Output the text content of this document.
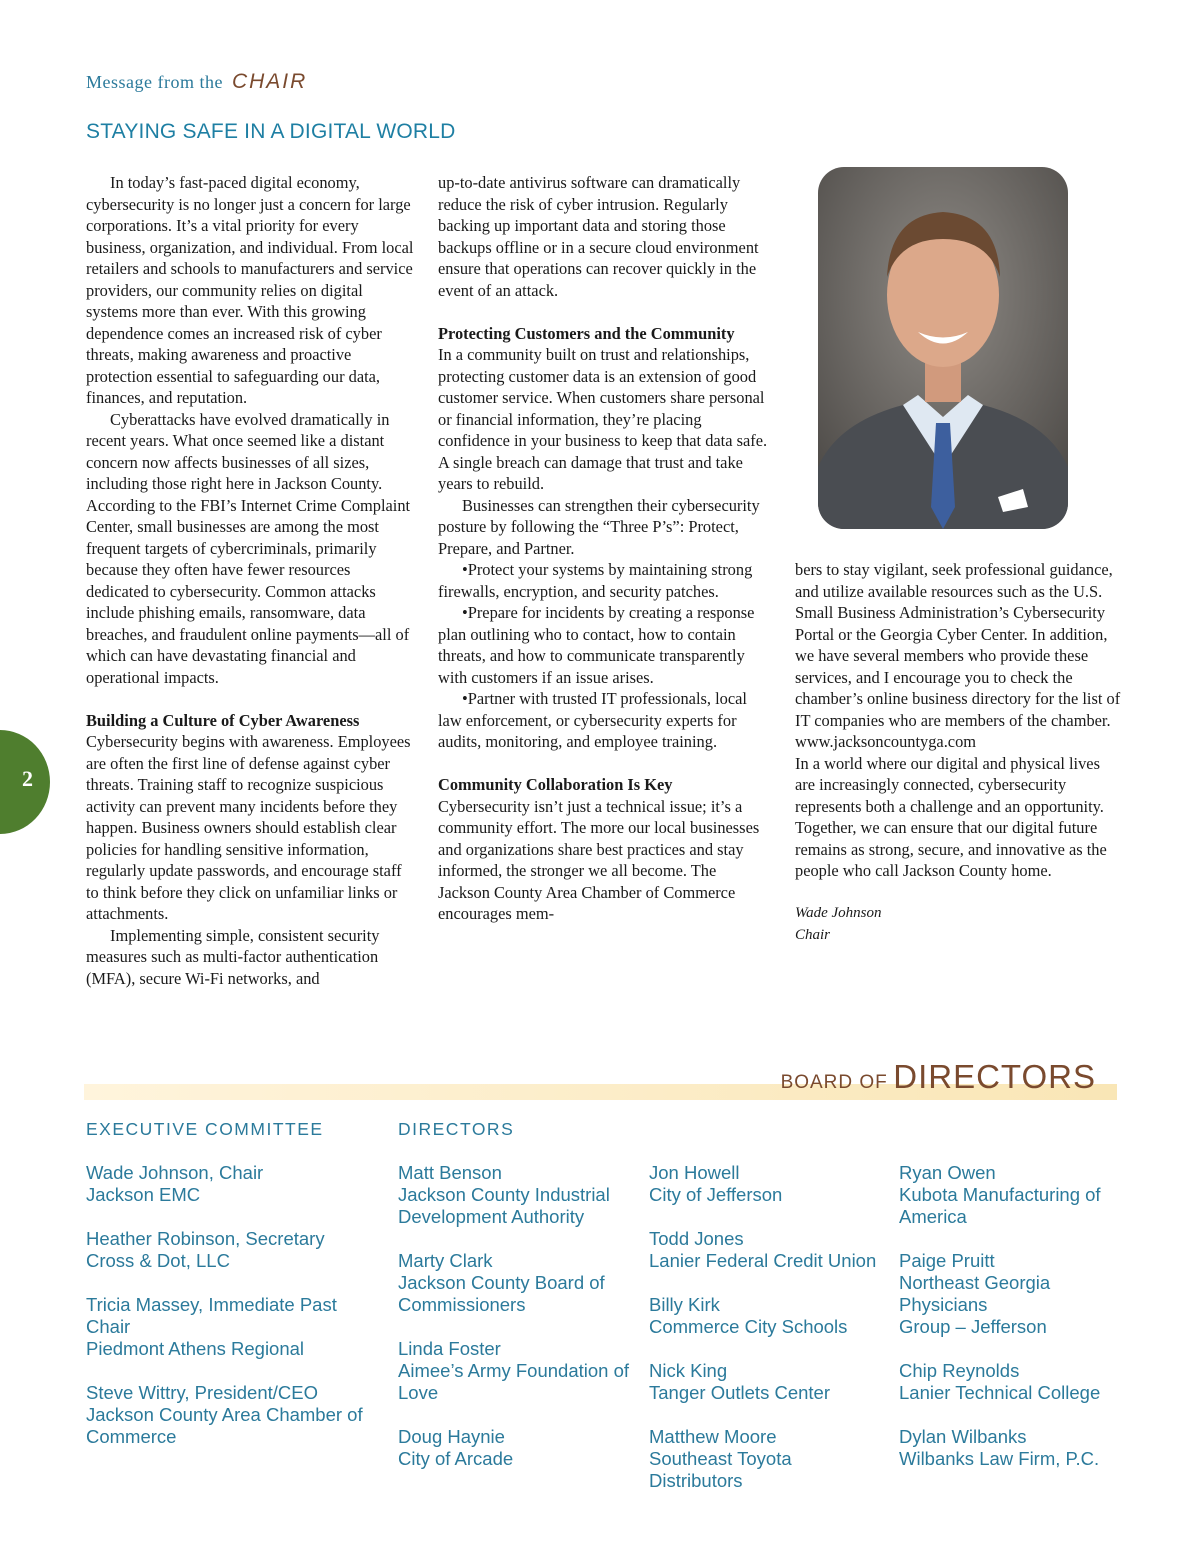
Message from the CHAIR
STAYING SAFE IN A DIGITAL WORLD

In today’s fast-paced digital economy, cybersecurity is no longer just a concern for large corporations. It’s a vital priority for every business, organization, and individual. From local retailers and schools to manufacturers and service providers, our community relies on digital systems more than ever. With this growing dependence comes an increased risk of cyber threats, making awareness and proactive protection essential to safeguarding our data, finances, and reputation.

Cyberattacks have evolved dramatically in recent years. What once seemed like a distant concern now affects businesses of all sizes, including those right here in Jackson County. According to the FBI’s Internet Crime Complaint Center, small businesses are among the most frequent targets of cybercriminals, primarily because they often have fewer resources dedicated to cybersecurity. Common attacks include phishing emails, ransomware, data breaches, and fraudulent online payments—all of which can have devastating financial and operational impacts.

Building a Culture of Cyber Awareness

Cybersecurity begins with awareness. Employees are often the first line of defense against cyber threats. Training staff to recognize suspicious activity can prevent many incidents before they happen. Business owners should establish clear policies for handling sensitive information, regularly update passwords, and encourage staff to think before they click on unfamiliar links or attachments.

Implementing simple, consistent security measures such as multi-factor authentication (MFA), secure Wi-Fi networks, and

up-to-date antivirus software can dramatically reduce the risk of cyber intrusion. Regularly backing up important data and storing those backups offline or in a secure cloud environment ensure that operations can recover quickly in the event of an attack.

Protecting Customers and the Community

In a community built on trust and relationships, protecting customer data is an extension of good customer service. When customers share personal or financial information, they’re placing confidence in your business to keep that data safe. A single breach can damage that trust and take years to rebuild.

Businesses can strengthen their cybersecurity posture by following the “Three P’s”: Protect, Prepare, and Partner.

•Protect your systems by maintaining strong firewalls, encryption, and security patches.

•Prepare for incidents by creating a response plan outlining who to contact, how to contain threats, and how to communicate transparently with customers if an issue arises.

•Partner with trusted IT professionals, local law enforcement, or cybersecurity experts for audits, monitoring, and employee training.

Community Collaboration Is Key

Cybersecurity isn’t just a technical issue; it’s a community effort. The more our local businesses and organizations share best practices and stay informed, the stronger we all become. The Jackson County Area Chamber of Commerce encourages mem-

bers to stay vigilant, seek professional guidance, and utilize available resources such as the U.S. Small Business Administration’s Cybersecurity Portal or the Georgia Cyber Center. In addition, we have several members who provide these services, and I encourage you to check the chamber’s online business directory for the list of IT companies who are members of the chamber. www.jacksoncountyga.com

In a world where our digital and physical lives are increasingly connected, cybersecurity represents both a challenge and an opportunity. Together, we can ensure that our digital future remains as strong, secure, and innovative as the people who call Jackson County home.

Wade Johnson

Chair

2
BOARD OF DIRECTORS
EXECUTIVE COMMITTEE
Wade Johnson, Chair
Jackson EMC
Heather Robinson, Secretary
Cross & Dot, LLC
Tricia Massey, Immediate Past Chair
Piedmont Athens Regional
Steve Wittry, President/CEO
Jackson County Area Chamber of
Commerce
DIRECTORS
Matt Benson
Jackson County Industrial
Development Authority
Marty Clark
Jackson County Board of
Commissioners
Linda Foster
Aimee’s Army Foundation of
Love
Doug Haynie
City of Arcade
Jon Howell
City of Jefferson
Todd Jones
Lanier Federal Credit Union
Billy Kirk
Commerce City Schools
Nick King
Tanger Outlets Center
Matthew Moore
Southeast Toyota Distributors
Ryan Owen
Kubota Manufacturing of
America
Paige Pruitt
Northeast Georgia Physicians
Group – Jefferson
Chip Reynolds
Lanier Technical College
Dylan Wilbanks
Wilbanks Law Firm, P.C.
